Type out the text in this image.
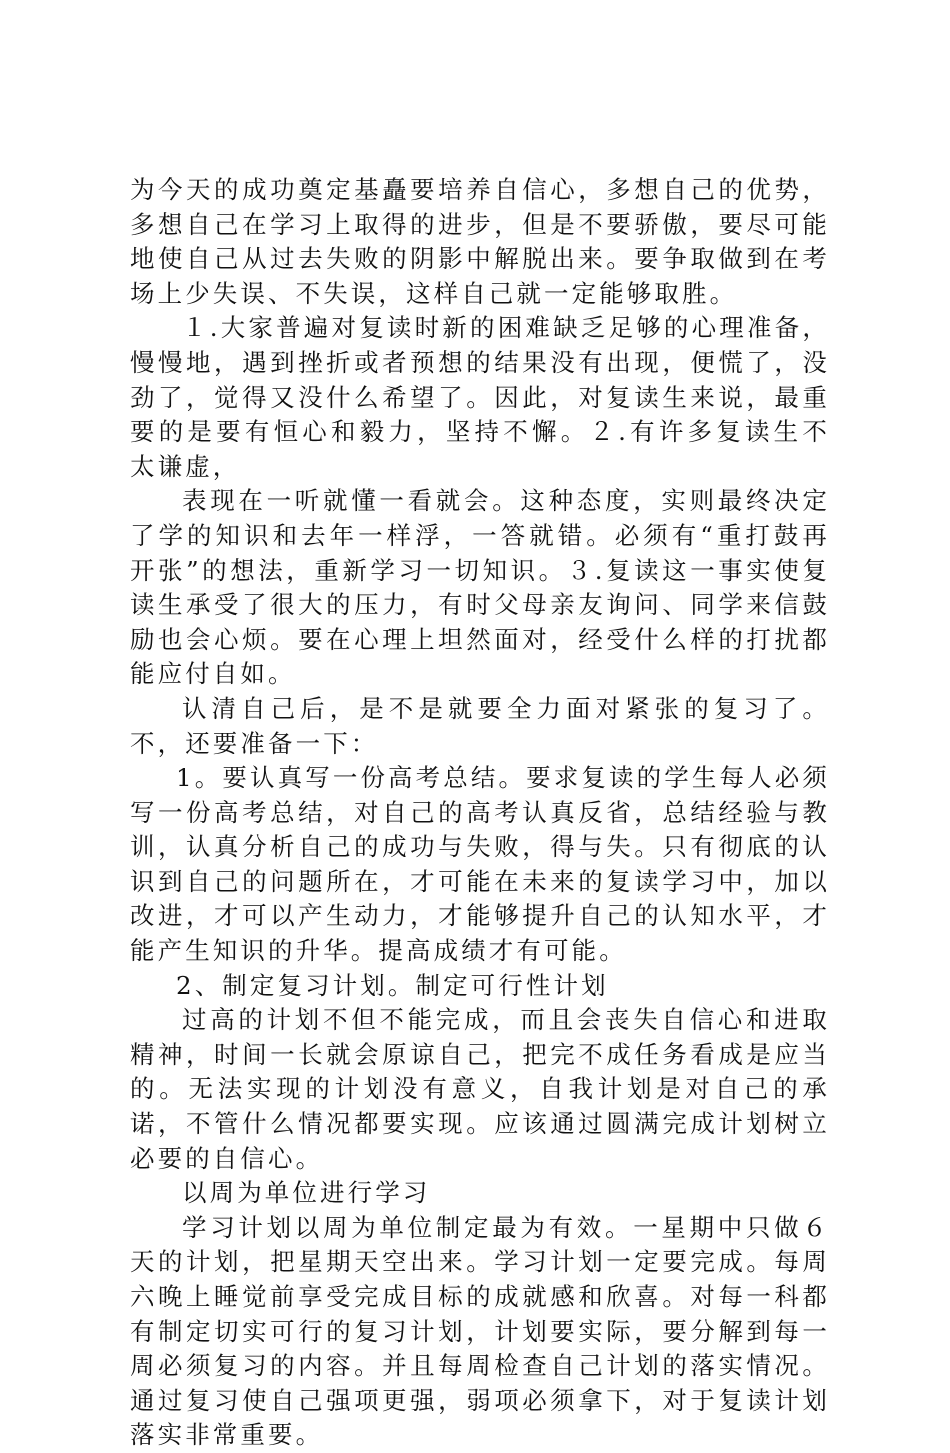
为今天的成功奠定基矗要培养自信心，多想自己的优势，多想自己在学习上取得的进步，但是不要骄傲，要尽可能地使自己从过去失败的阴影中解脱出来。要争取做到在考场上少失误、不失误，这样自己就一定能够取胜。

１.大家普遍对复读时新的困难缺乏足够的心理准备，慢慢地，遇到挫折或者预想的结果没有出现，便慌了，没劲了，觉得又没什么希望了。因此，对复读生来说，最重要的是要有恒心和毅力，坚持不懈。２.有许多复读生不太谦虚，

表现在一听就懂一看就会。这种态度，实则最终决定了学的知识和去年一样浮，一答就错。必须有“重打鼓再开张”的想法，重新学习一切知识。３.复读这一事实使复读生承受了很大的压力，有时父母亲友询问、同学来信鼓励也会心烦。要在心理上坦然面对，经受什么样的打扰都能应付自如。

认清自己后，是不是就要全力面对紧张的复习了。不，还要准备一下：

1。要认真写一份高考总结。要求复读的学生每人必须写一份高考总结，对自己的高考认真反省，总结经验与教训，认真分析自己的成功与失败，得与失。只有彻底的认识到自己的问题所在，才可能在未来的复读学习中，加以改进，才可以产生动力，才能够提升自己的认知水平，才能产生知识的升华。提高成绩才有可能。

2、制定复习计划。制定可行性计划

过高的计划不但不能完成，而且会丧失自信心和进取精神，时间一长就会原谅自己，把完不成任务看成是应当的。无法实现的计划没有意义，自我计划是对自己的承诺，不管什么情况都要实现。应该通过圆满完成计划树立必要的自信心。

以周为单位进行学习

学习计划以周为单位制定最为有效。一星期中只做６天的计划，把星期天空出来。学习计划一定要完成。每周六晚上睡觉前享受完成目标的成就感和欣喜。对每一科都有制定切实可行的复习计划，计划要实际，要分解到每一周必须复习的内容。并且每周检查自己计划的落实情况。通过复习使自己强项更强，弱项必须拿下，对于复读计划落实非常重要。
